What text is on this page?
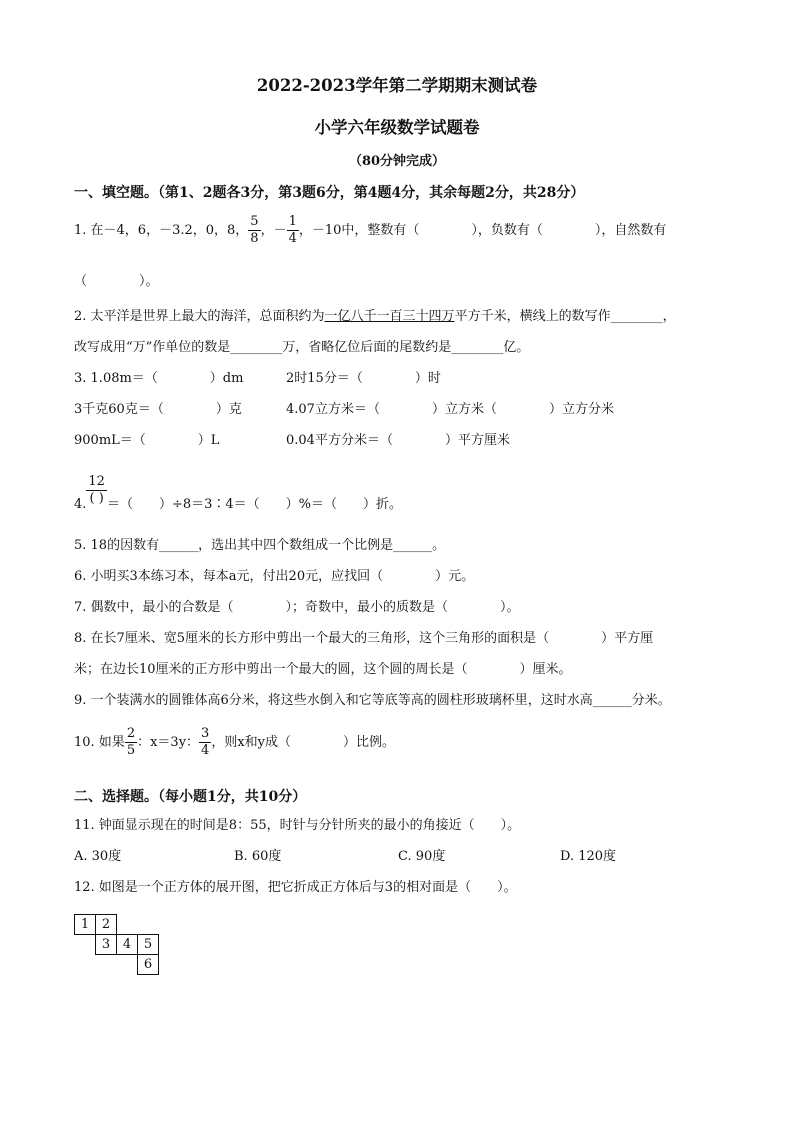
2022-2023学年第二学期期末测试卷
小学六年级数学试题卷
（80分钟完成）
一、填空题。（第1、2题各3分，第3题6分，第4题4分，其余每题2分，共28分）
1. 在－4，6，－3.2，0，8， $\frac{5}{8}$ ，－ $\frac{1}{4}$ ，－10中，整数有（　　　　），负数有（　　　　），自然数有
（　　　　）。
2. 太平洋是世界上最大的海洋，总面积约为一亿八千一百三十四万平方千米，横线上的数写作________，
改写成用“万”作单位的数是________万，省略亿位后面的尾数约是________亿。
3. 1.08m＝（　　　　）dm	2时15分＝（　　　　）时
3千克60克＝（　　　　）克	4.07立方米＝（　　　　）立方米（　　　　）立方分米
900mL＝（　　　　）L	0.04平方分米＝（　　　　）平方厘米
4. $\frac{12}{( )}$ ＝（　　）÷8＝3∶4＝（　　）%＝（　　）折。
5. 18的因数有______，选出其中四个数组成一个比例是______。
6. 小明买3本练习本，每本a元，付出20元，应找回（　　　　）元。
7. 偶数中，最小的合数是（　　　　）；奇数中，最小的质数是（　　　　）。
8. 在长7厘米、宽5厘米的长方形中剪出一个最大的三角形，这个三角形的面积是（　　　　）平方厘
米；在边长10厘米的正方形中剪出一个最大的圆，这个圆的周长是（　　　　）厘米。
9. 一个装满水的圆锥体高6分米，将这些水倒入和它等底等高的圆柱形玻璃杯里，这时水高______分米。
10. 如果 $\frac{2}{5}$ ：x＝3y： $\frac{3}{4}$ ，则x和y成（　　　　）比例。
二、选择题。（每小题1分，共10分）
11. 钟面显示现在的时间是8：55，时针与分针所夹的最小的角接近（　　）。
A. 30度	B. 60度	C. 90度	D. 120度
12. 如图是一个正方体的展开图，把它折成正方体后与3的相对面是（　　）。
1	2		
	3	4	5
			6
